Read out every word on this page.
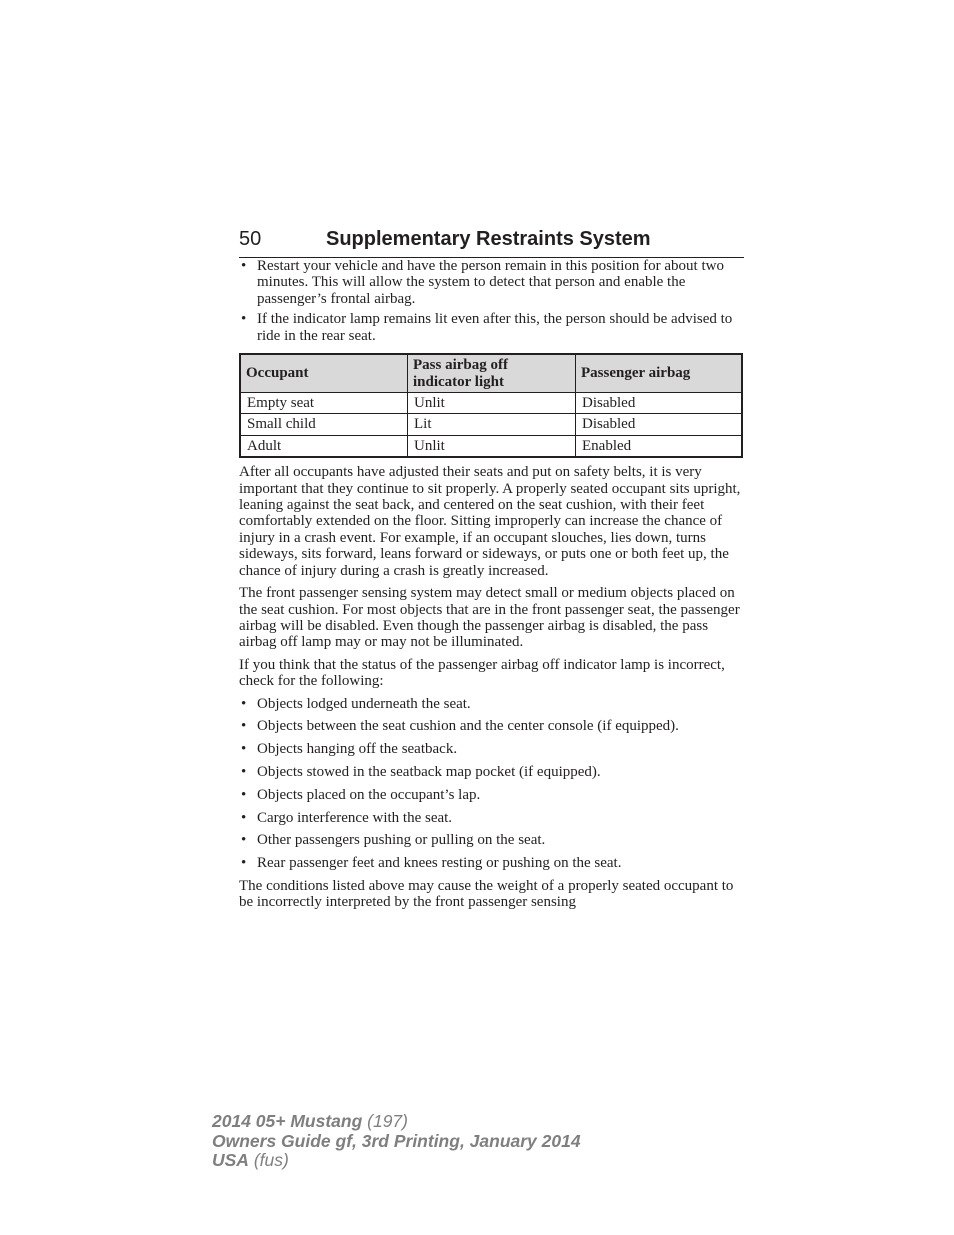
50	Supplementary Restraints System
• Restart your vehicle and have the person remain in this position for about two minutes. This will allow the system to detect that person and enable the passenger’s frontal airbag.
• If the indicator lamp remains lit even after this, the person should be advised to ride in the rear seat.
Occupant	Pass airbag off indicator light	Passenger airbag
Empty seat	Unlit	Disabled
Small child	Lit	Disabled
Adult	Unlit	Enabled

After all occupants have adjusted their seats and put on safety belts, it is very important that they continue to sit properly. A properly seated occupant sits upright, leaning against the seat back, and centered on the seat cushion, with their feet comfortably extended on the floor. Sitting improperly can increase the chance of injury in a crash event. For example, if an occupant slouches, lies down, turns sideways, sits forward, leans forward or sideways, or puts one or both feet up, the chance of injury during a crash is greatly increased.

The front passenger sensing system may detect small or medium objects placed on the seat cushion. For most objects that are in the front passenger seat, the passenger airbag will be disabled. Even though the passenger airbag is disabled, the pass airbag off lamp may or may not be illuminated.

If you think that the status of the passenger airbag off indicator lamp is incorrect, check for the following:

• Objects lodged underneath the seat.
• Objects between the seat cushion and the center console (if equipped).
• Objects hanging off the seatback.
• Objects stowed in the seatback map pocket (if equipped).
• Objects placed on the occupant’s lap.
• Cargo interference with the seat.
• Other passengers pushing or pulling on the seat.
• Rear passenger feet and knees resting or pushing on the seat.

The conditions listed above may cause the weight of a properly seated occupant to be incorrectly interpreted by the front passenger sensing

2014 05+ Mustang (197)
Owners Guide gf, 3rd Printing, January 2014
USA (fus)
